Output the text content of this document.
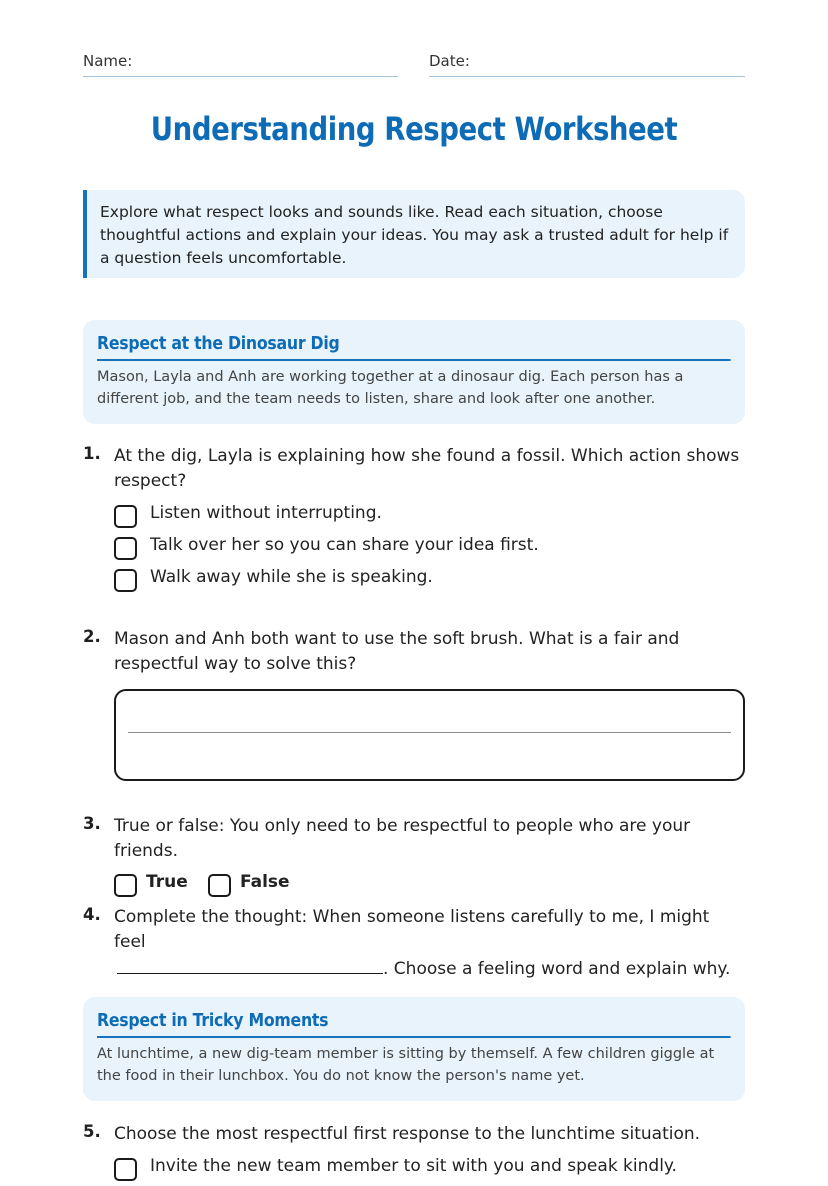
Name:	Date:
Understanding Respect Worksheet
Explore what respect looks and sounds like. Read each situation, choose thoughtful actions and explain your ideas. You may ask a trusted adult for help if a question feels uncomfortable.
Respect at the Dinosaur Dig
Mason, Layla and Anh are working together at a dinosaur dig. Each person has a different job, and the team needs to listen, share and look after one another.
1. At the dig, Layla is explaining how she found a fossil. Which action shows respect?
Listen without interrupting.
Talk over her so you can share your idea first.
Walk away while she is speaking.
2. Mason and Anh both want to use the soft brush. What is a fair and respectful way to solve this?
3. True or false: You only need to be respectful to people who are your friends.
True	False
4. Complete the thought: When someone listens carefully to me, I might feel
. Choose a feeling word and explain why.
Respect in Tricky Moments
At lunchtime, a new dig-team member is sitting by themself. A few children giggle at the food in their lunchbox. You do not know the person's name yet.
5. Choose the most respectful first response to the lunchtime situation.
Invite the new team member to sit with you and speak kindly.
